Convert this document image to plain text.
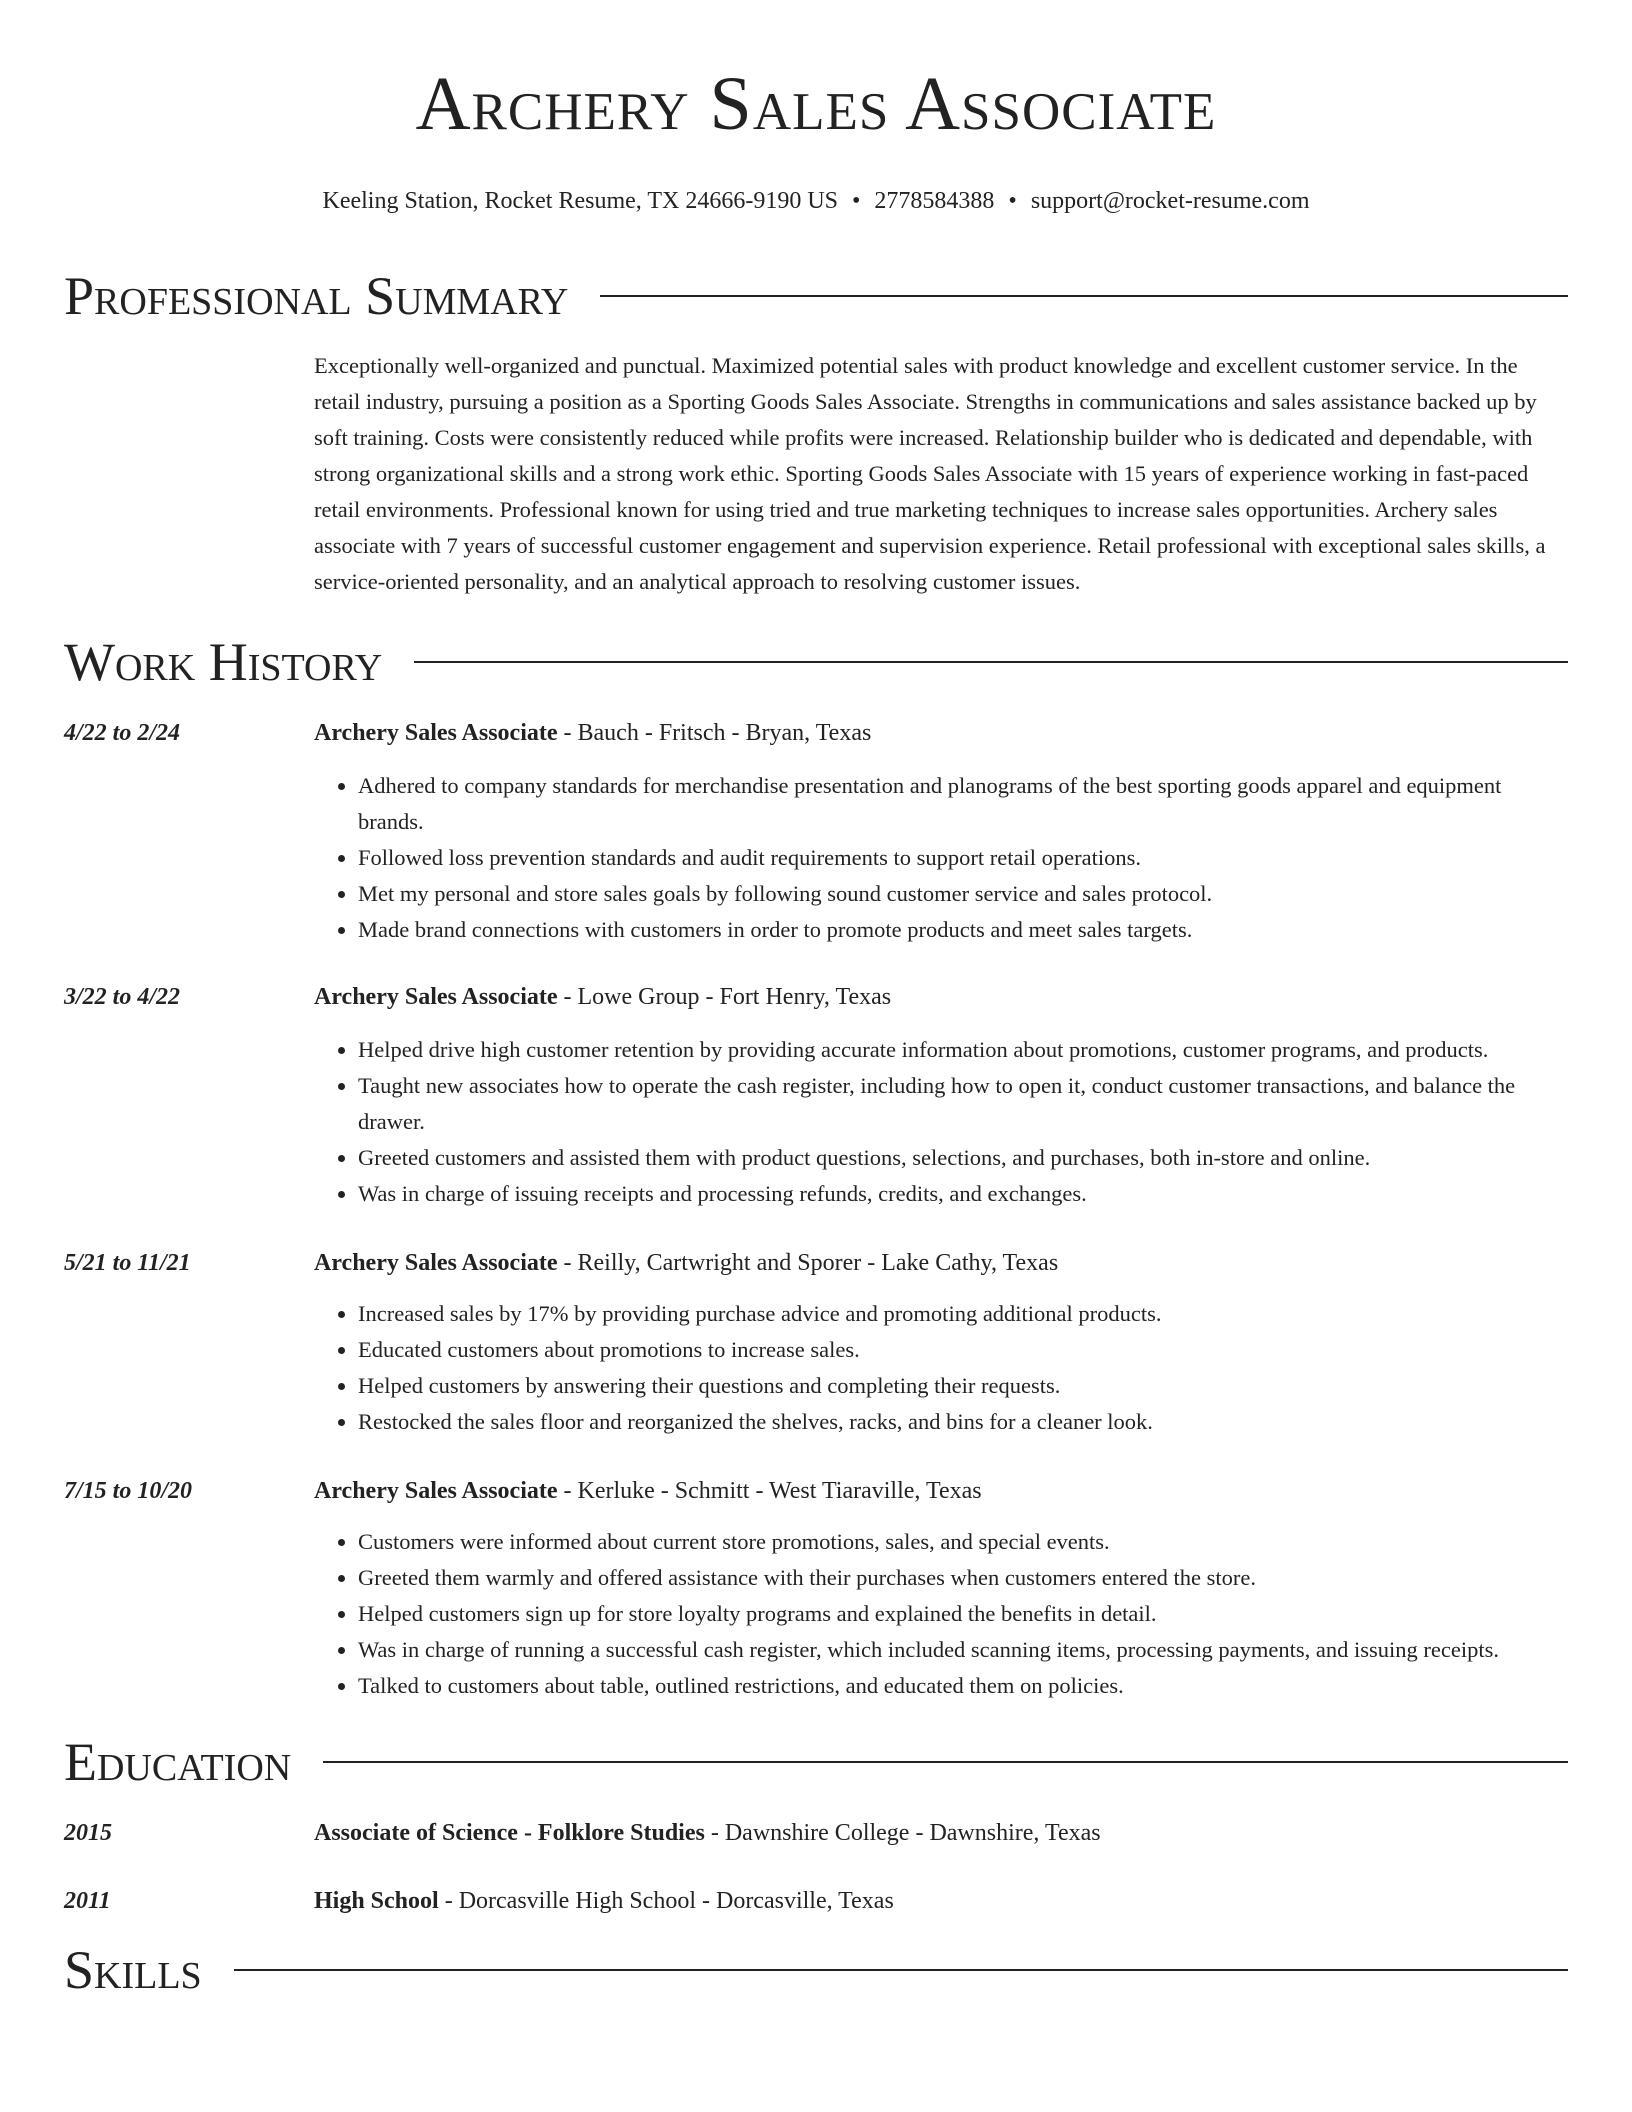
Archery Sales Associate
Keeling Station, Rocket Resume, TX 24666-9190 US • 2778584388 • support@rocket-resume.com
Professional Summary

Exceptionally well-organized and punctual. Maximized potential sales with product knowledge and excellent customer service. In the retail industry, pursuing a position as a Sporting Goods Sales Associate. Strengths in communications and sales assistance backed up by soft training. Costs were consistently reduced while profits were increased. Relationship builder who is dedicated and dependable, with strong organizational skills and a strong work ethic. Sporting Goods Sales Associate with 15 years of experience working in fast-paced retail environments. Professional known for using tried and true marketing techniques to increase sales opportunities. Archery sales associate with 7 years of successful customer engagement and supervision experience. Retail professional with exceptional sales skills, a service-oriented personality, and an analytical approach to resolving customer issues.

Work History
4/22 to 2/24	Archery Sales Associate - Bauch - Fritsch - Bryan, Texas
• Adhered to company standards for merchandise presentation and planograms of the best sporting goods apparel and equipment brands.
• Followed loss prevention standards and audit requirements to support retail operations.
• Met my personal and store sales goals by following sound customer service and sales protocol.
• Made brand connections with customers in order to promote products and meet sales targets.
3/22 to 4/22	Archery Sales Associate - Lowe Group - Fort Henry, Texas
• Helped drive high customer retention by providing accurate information about promotions, customer programs, and products.
• Taught new associates how to operate the cash register, including how to open it, conduct customer transactions, and balance the drawer.
• Greeted customers and assisted them with product questions, selections, and purchases, both in-store and online.
• Was in charge of issuing receipts and processing refunds, credits, and exchanges.
5/21 to 11/21	Archery Sales Associate - Reilly, Cartwright and Sporer - Lake Cathy, Texas
• Increased sales by 17% by providing purchase advice and promoting additional products.
• Educated customers about promotions to increase sales.
• Helped customers by answering their questions and completing their requests.
• Restocked the sales floor and reorganized the shelves, racks, and bins for a cleaner look.
7/15 to 10/20	Archery Sales Associate - Kerluke - Schmitt - West Tiaraville, Texas
• Customers were informed about current store promotions, sales, and special events.
• Greeted them warmly and offered assistance with their purchases when customers entered the store.
• Helped customers sign up for store loyalty programs and explained the benefits in detail.
• Was in charge of running a successful cash register, which included scanning items, processing payments, and issuing receipts.
• Talked to customers about table, outlined restrictions, and educated them on policies.
Education
2015	Associate of Science - Folklore Studies - Dawnshire College - Dawnshire, Texas
2011	High School - Dorcasville High School - Dorcasville, Texas
Skills
